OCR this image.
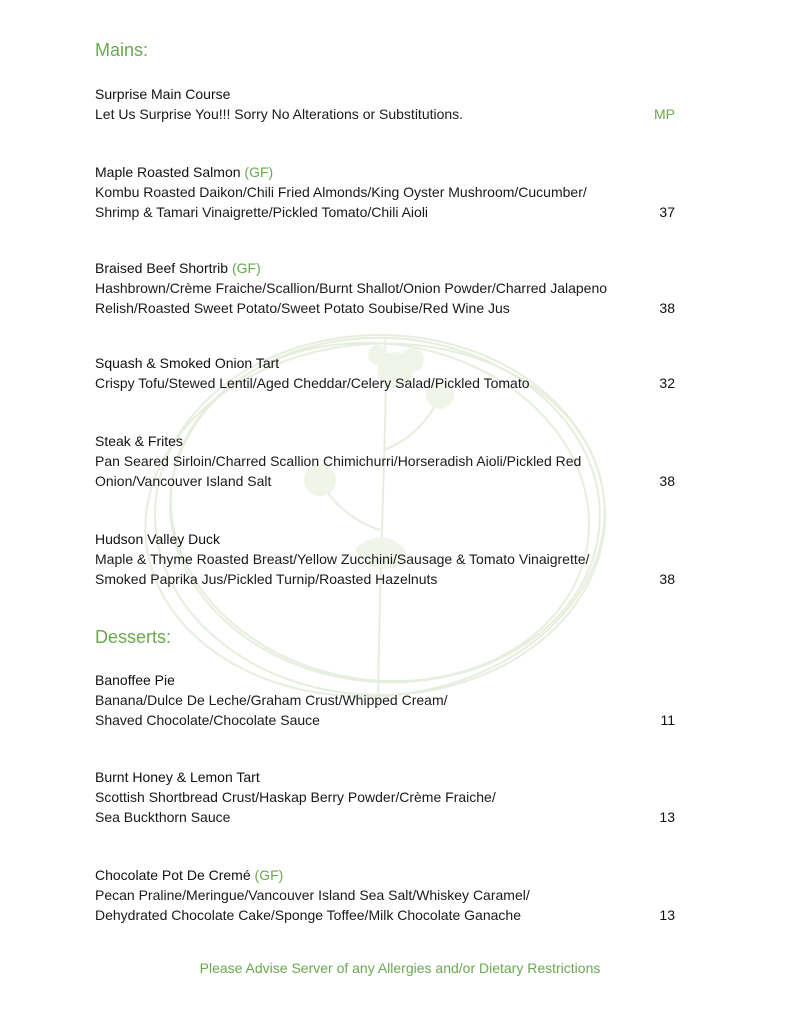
Mains:
Surprise Main Course
Let Us Surprise You!!! Sorry No Alterations or Substitutions.	MP
Maple Roasted Salmon (GF)
Kombu Roasted Daikon/Chili Fried Almonds/King Oyster Mushroom/Cucumber/
Shrimp & Tamari Vinaigrette/Pickled Tomato/Chili Aioli	37
Braised Beef Shortrib (GF)
Hashbrown/Crème Fraiche/Scallion/Burnt Shallot/Onion Powder/Charred Jalapeno
Relish/Roasted Sweet Potato/Sweet Potato Soubise/Red Wine Jus	38
Squash & Smoked Onion Tart
Crispy Tofu/Stewed Lentil/Aged Cheddar/Celery Salad/Pickled Tomato	32
Steak & Frites
Pan Seared Sirloin/Charred Scallion Chimichurri/Horseradish Aioli/Pickled Red
Onion/Vancouver Island Salt	38
Hudson Valley Duck
Maple & Thyme Roasted Breast/Yellow Zucchini/Sausage & Tomato Vinaigrette/
Smoked Paprika Jus/Pickled Turnip/Roasted Hazelnuts	38
Desserts:
Banoffee Pie
Banana/Dulce De Leche/Graham Crust/Whipped Cream/
Shaved Chocolate/Chocolate Sauce	11
Burnt Honey & Lemon Tart
Scottish Shortbread Crust/Haskap Berry Powder/Crème Fraiche/
Sea Buckthorn Sauce	13
Chocolate Pot De Cremé (GF)
Pecan Praline/Meringue/Vancouver Island Sea Salt/Whiskey Caramel/
Dehydrated Chocolate Cake/Sponge Toffee/Milk Chocolate Ganache	13
Please Advise Server of any Allergies and/or Dietary Restrictions
